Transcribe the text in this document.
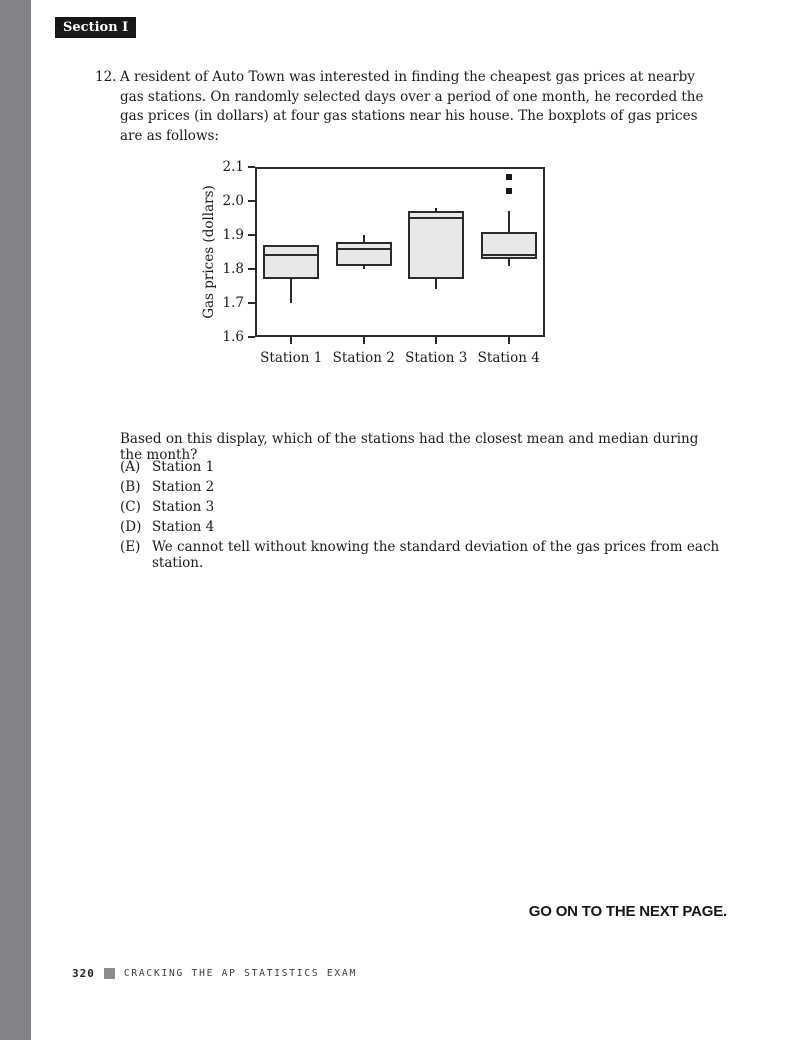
Section I
12. A resident of Auto Town was interested in finding the cheapest gas prices at nearby gas stations. On randomly selected days over a period of one month, he recorded the gas prices (in dollars) at four gas stations near his house. The boxplots of gas prices are as follows:
Gas prices (dollars)
2.1
2.0
1.9
1.8
1.7
1.6
Station 1 Station 2 Station 3 Station 4
Based on this display, which of the stations had the closest mean and median during the month?
(A) Station 1
(B) Station 2
(C) Station 3
(D) Station 4
(E) We cannot tell without knowing the standard deviation of the gas prices from each station.
GO ON TO THE NEXT PAGE.
320	CRACKING THE AP STATISTICS EXAM
